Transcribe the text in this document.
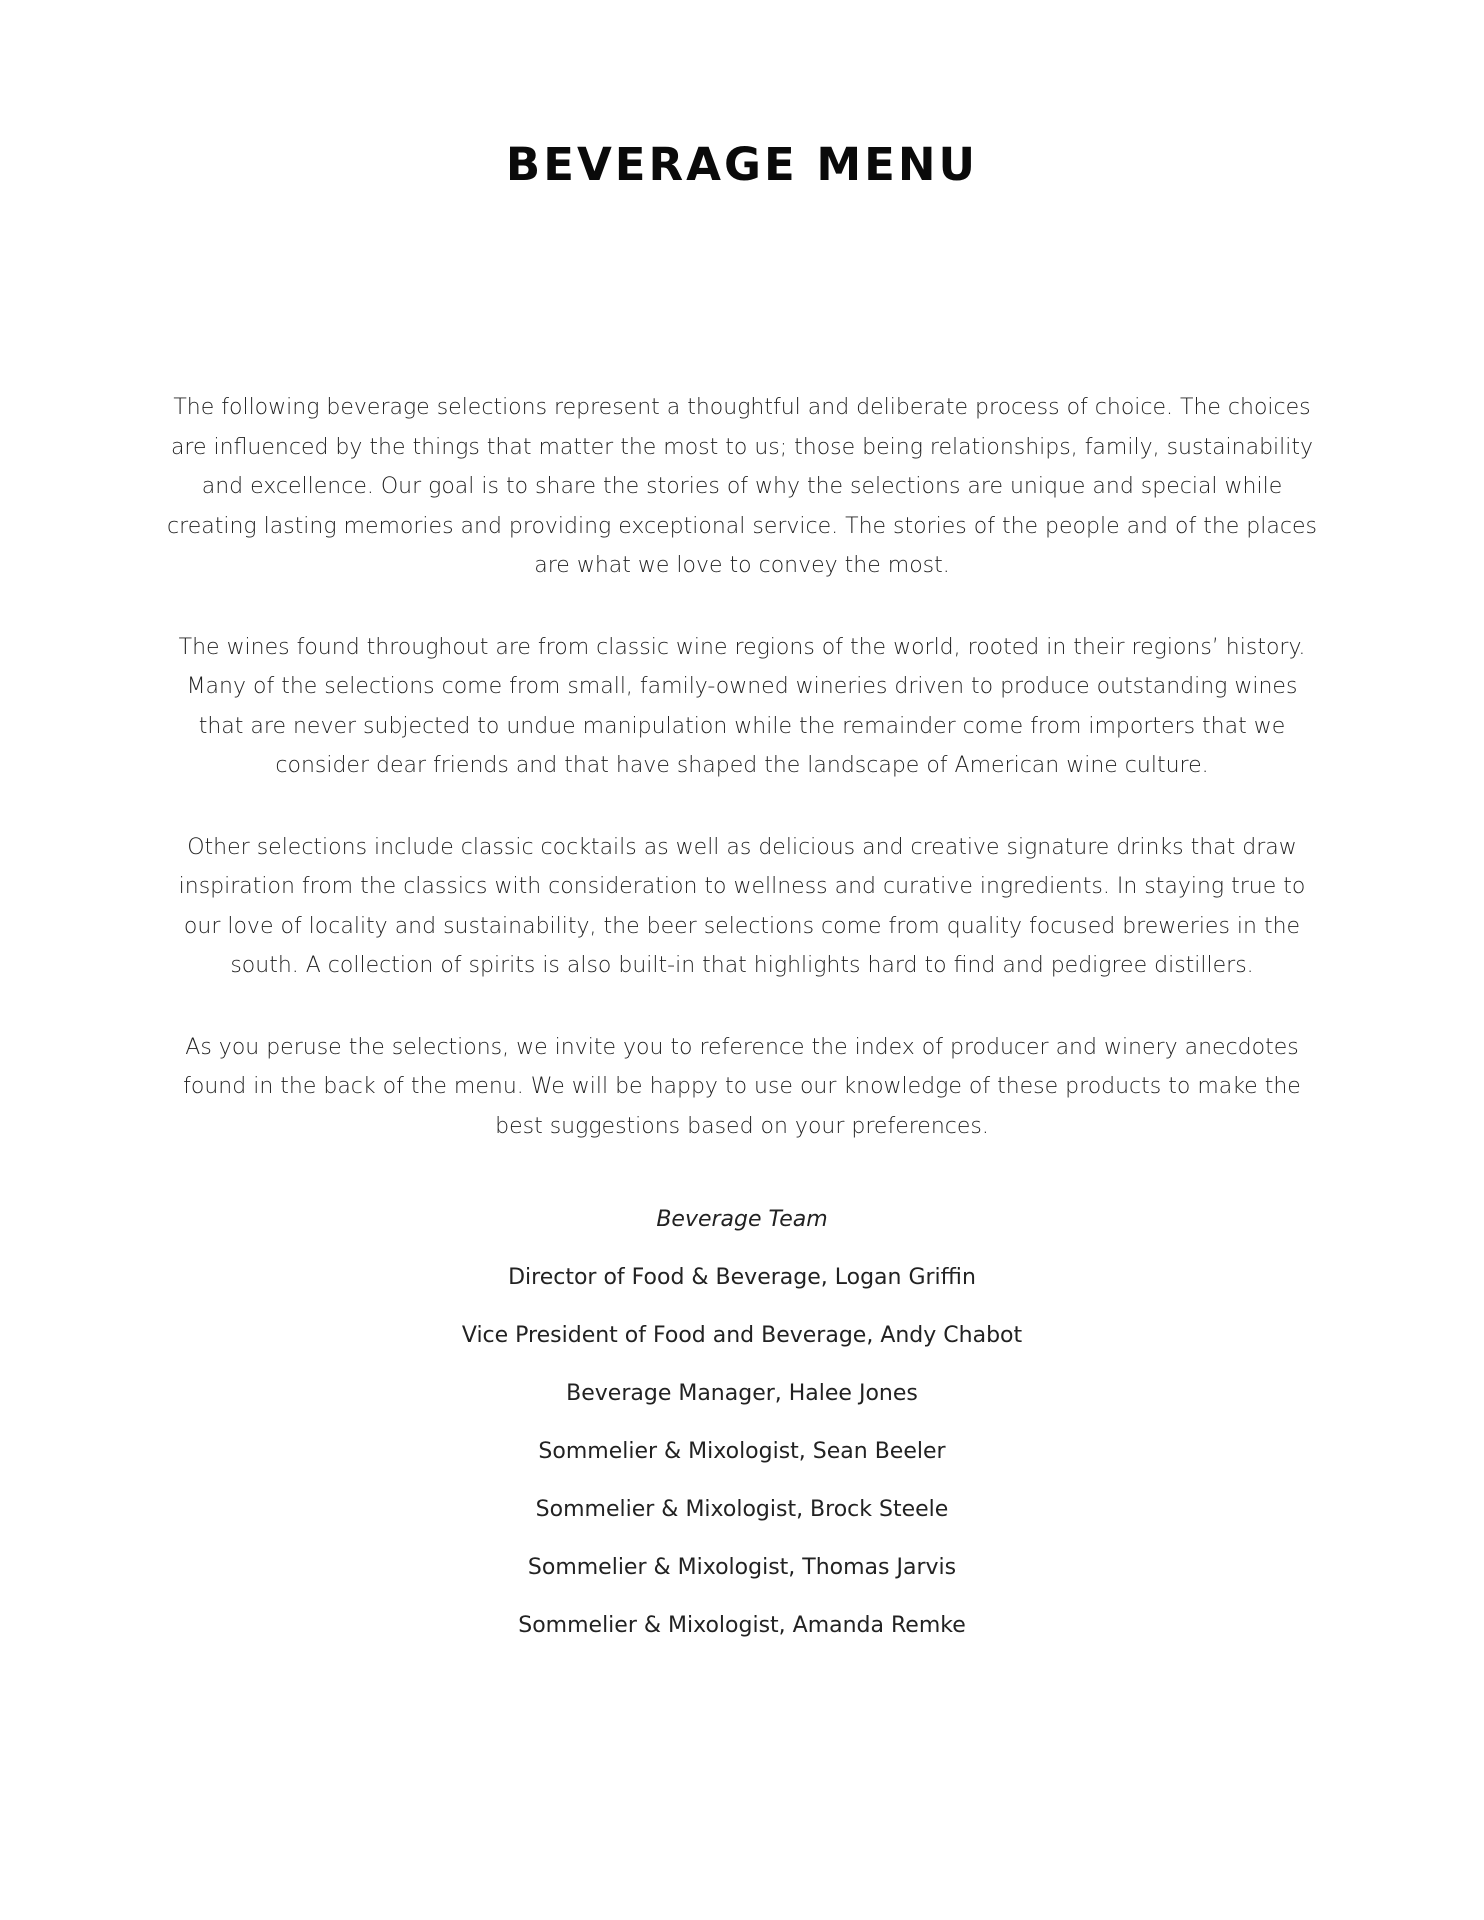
BEVERAGE MENU

The following beverage selections represent a thoughtful and deliberate process of choice. The choices are influenced by the things that matter the most to us; those being relationships, family, sustainability and excellence. Our goal is to share the stories of why the selections are unique and special while creating lasting memories and providing exceptional service. The stories of the people and of the places are what we love to convey the most.

The wines found throughout are from classic wine regions of the world, rooted in their regions’ history. Many of the selections come from small, family-owned wineries driven to produce outstanding wines that are never subjected to undue manipulation while the remainder come from importers that we consider dear friends and that have shaped the landscape of American wine culture.

Other selections include classic cocktails as well as delicious and creative signature drinks that draw inspiration from the classics with consideration to wellness and curative ingredients. In staying true to our love of locality and sustainability, the beer selections come from quality focused breweries in the south. A collection of spirits is also built-in that highlights hard to find and pedigree distillers.

As you peruse the selections, we invite you to reference the index of producer and winery anecdotes found in the back of the menu. We will be happy to use our knowledge of these products to make the best suggestions based on your preferences.

Beverage Team
Director of Food & Beverage, Logan Griffin
Vice President of Food and Beverage, Andy Chabot
Beverage Manager, Halee Jones
Sommelier & Mixologist, Sean Beeler
Sommelier & Mixologist, Brock Steele
Sommelier & Mixologist, Thomas Jarvis
Sommelier & Mixologist, Amanda Remke
